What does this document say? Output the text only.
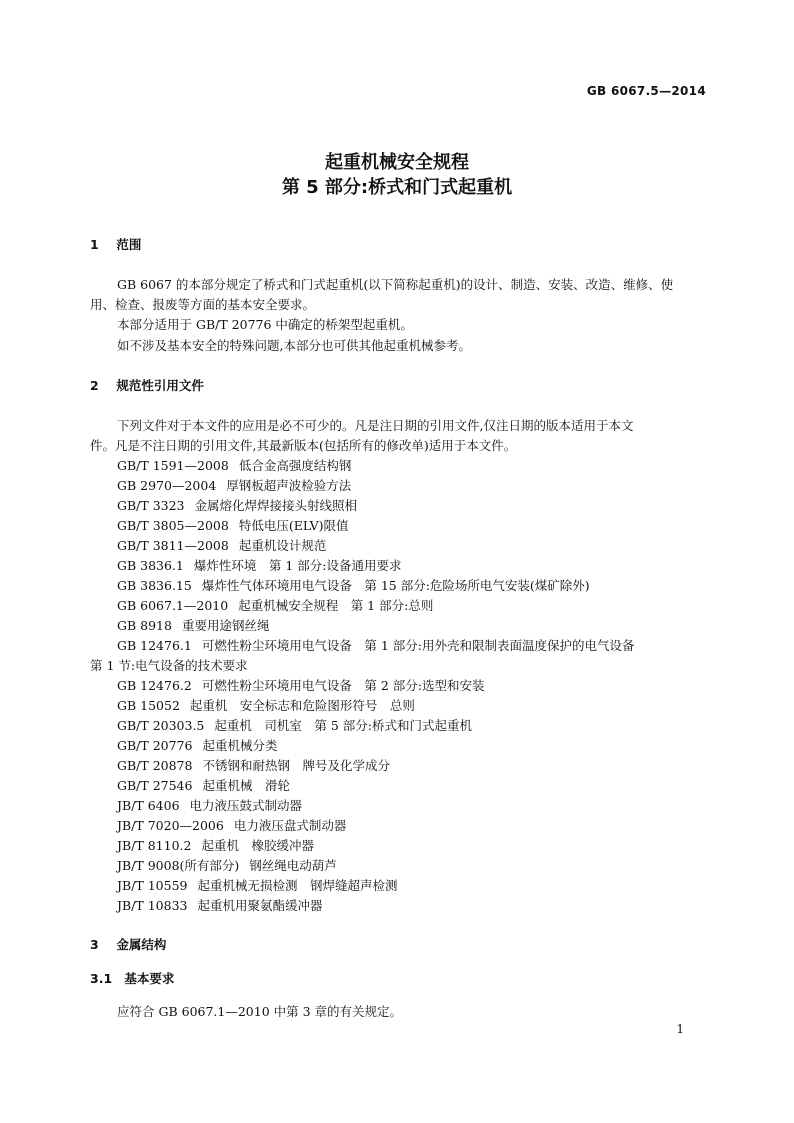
GB 6067.5—2014
起重机械安全规程
第 5 部分:桥式和门式起重机
1 范围
GB 6067 的本部分规定了桥式和门式起重机(以下简称起重机)的设计、制造、安装、改造、维修、使
用、检查、报废等方面的基本安全要求。
本部分适用于 GB/T 20776 中确定的桥架型起重机。
如不涉及基本安全的特殊问题,本部分也可供其他起重机械参考。
2 规范性引用文件
下列文件对于本文件的应用是必不可少的。凡是注日期的引用文件,仅注日期的版本适用于本文
件。凡是不注日期的引用文件,其最新版本(包括所有的修改单)适用于本文件。
GB/T 1591—2008 低合金高强度结构钢
GB 2970—2004 厚钢板超声波检验方法
GB/T 3323 金属熔化焊焊接接头射线照相
GB/T 3805—2008 特低电压(ELV)限值
GB/T 3811—2008 起重机设计规范
GB 3836.1 爆炸性环境　第 1 部分:设备通用要求
GB 3836.15 爆炸性气体环境用电气设备　第 15 部分:危险场所电气安装(煤矿除外)
GB 6067.1—2010 起重机械安全规程　第 1 部分:总则
GB 8918 重要用途钢丝绳
GB 12476.1 可燃性粉尘环境用电气设备　第 1 部分:用外壳和限制表面温度保护的电气设备
第 1 节:电气设备的技术要求
GB 12476.2 可燃性粉尘环境用电气设备　第 2 部分:选型和安装
GB 15052 起重机　安全标志和危险图形符号　总则
GB/T 20303.5 起重机　司机室　第 5 部分:桥式和门式起重机
GB/T 20776 起重机械分类
GB/T 20878 不锈钢和耐热钢　牌号及化学成分
GB/T 27546 起重机械　滑轮
JB/T 6406 电力液压鼓式制动器
JB/T 7020—2006 电力液压盘式制动器
JB/T 8110.2 起重机　橡胶缓冲器
JB/T 9008(所有部分) 钢丝绳电动葫芦
JB/T 10559 起重机械无损检测　钢焊缝超声检测
JB/T 10833 起重机用聚氨酯缓冲器
3 金属结构
3.1 基本要求
应符合 GB 6067.1—2010 中第 3 章的有关规定。
1
